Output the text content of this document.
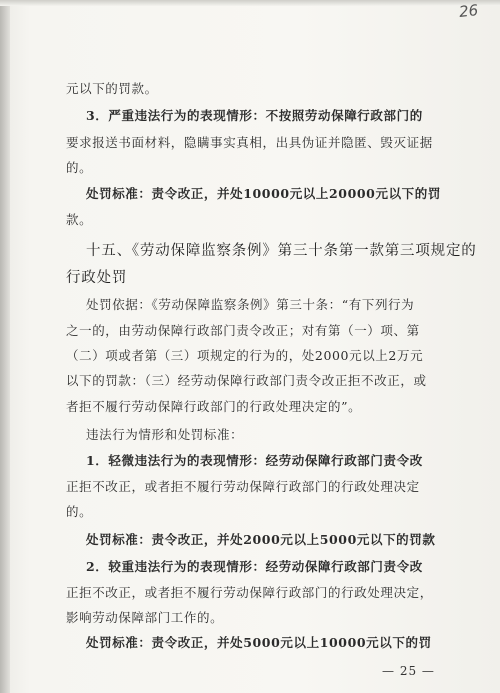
26
元以下的罚款。
3．严重违法行为的表现情形：不按照劳动保障行政部门的
要求报送书面材料，隐瞒事实真相，出具伪证并隐匿、毁灭证据
的。
处罚标准：责令改正，并处10000元以上20000元以下的罚
款。
十五、《劳动保障监察条例》第三十条第一款第三项规定的
行政处罚
处罚依据：《劳动保障监察条例》第三十条：“有下列行为
之一的，由劳动保障行政部门责令改正；对有第（一）项、第
（二）项或者第（三）项规定的行为的，处2000元以上2万元
以下的罚款：（三）经劳动保障行政部门责令改正拒不改正，或
者拒不履行劳动保障行政部门的行政处理决定的”。
违法行为情形和处罚标准：
1．轻微违法行为的表现情形：经劳动保障行政部门责令改
正拒不改正，或者拒不履行劳动保障行政部门的行政处理决定
的。
处罚标准：责令改正，并处2000元以上5000元以下的罚款
2．较重违法行为的表现情形：经劳动保障行政部门责令改
正拒不改正，或者拒不履行劳动保障行政部门的行政处理决定，
影响劳动保障部门工作的。
处罚标准：责令改正，并处5000元以上10000元以下的罚
— 25 —
